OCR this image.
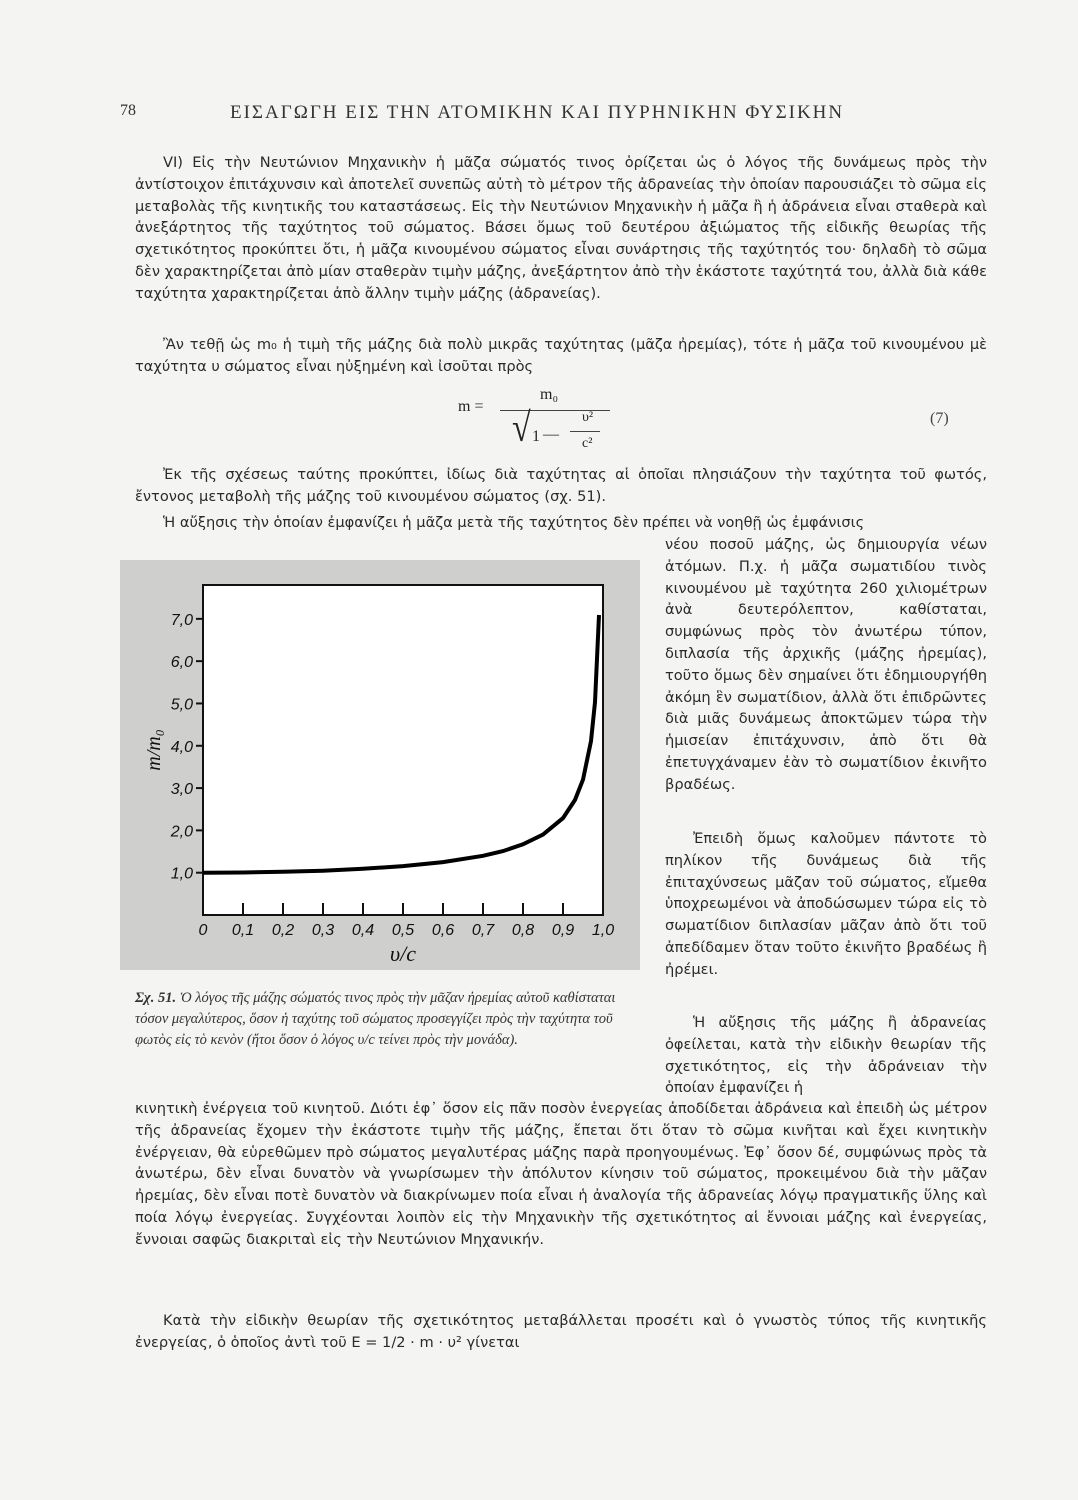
78	ΕΙΣΑΓΩΓΗ ΕΙΣ ΤΗΝ ΑΤΟΜΙΚΗΝ ΚΑΙ ΠΥΡΗΝΙΚΗΝ ΦΥΣΙΚΗΝ

VI) Εἰς τὴν Νευτώνιον Μηχανικὴν ἡ μᾶζα σώματός τινος ὁρίζεται ὡς ὁ λόγος τῆς δυνάμεως πρὸς τὴν ἀντίστοιχον ἐπιτάχυνσιν καὶ ἀποτελεῖ συνεπῶς αὐτὴ τὸ μέτρον τῆς ἀδρανείας τὴν ὁποίαν παρουσιάζει τὸ σῶμα εἰς μεταβολὰς τῆς κινητικῆς του καταστάσεως. Εἰς τὴν Νευτώνιον Μηχανικὴν ἡ μᾶζα ἢ ἡ ἀδράνεια εἶναι σταθερὰ καὶ ἀνεξάρτητος τῆς ταχύτητος τοῦ σώματος. Βάσει ὅμως τοῦ δευτέρου ἀξιώματος τῆς εἰδικῆς θεωρίας τῆς σχετικότητος προκύπτει ὅτι, ἡ μᾶζα κινουμένου σώματος εἶναι συνάρτησις τῆς ταχύτητός του· δηλαδὴ τὸ σῶμα δὲν χαρακτηρίζεται ἀπὸ μίαν σταθερὰν τιμὴν μάζης, ἀνεξάρτητον ἀπὸ τὴν ἑκάστοτε ταχύτητά του, ἀλλὰ διὰ κάθε ταχύτητα χαρακτηρίζεται ἀπὸ ἄλλην τιμὴν μάζης (ἀδρανείας).

Ἂν τεθῇ ὡς m₀ ἡ τιμὴ τῆς μάζης διὰ πολὺ μικρᾶς ταχύτητας (μᾶζα ἠρεμίας), τότε ἡ μᾶζα τοῦ κινουμένου μὲ ταχύτητα υ σώματος εἶναι ηὐξημένη καὶ ἰσοῦται πρὸς

m =
m₀
√ 1 —
υ²
c²
(7)

Ἐκ τῆς σχέσεως ταύτης προκύπτει, ἰδίως διὰ ταχύτητας αἱ ὁποῖαι πλησιάζουν τὴν ταχύτητα τοῦ φωτός, ἔντονος μεταβολὴ τῆς μάζης τοῦ κινουμένου σώματος (σχ. 51).

Ἡ αὔξησις τὴν ὁποίαν ἐμφανίζει ἡ μᾶζα μετὰ τῆς ταχύτητος δὲν πρέπει νὰ νοηθῇ ὡς ἐμφάνισις

νέου ποσοῦ μάζης, ὡς δημιουργία νέων ἀτόμων. Π.χ. ἡ μᾶζα σωματιδίου τινὸς κινουμένου μὲ ταχύτητα 260 χιλιομέτρων ἀνὰ δευτερόλεπτον, καθίσταται, συμφώνως πρὸς τὸν ἀνωτέρω τύπον, διπλασία τῆς ἀρχικῆς (μάζης ἠρεμίας), τοῦτο ὅμως δὲν σημαίνει ὅτι ἐδημιουργήθη ἀκόμη ἓν σωματίδιον, ἀλλὰ ὅτι ἐπιδρῶντες διὰ μιᾶς δυνάμεως ἀποκτῶμεν τώρα τὴν ἡμισείαν ἐπιτάχυνσιν, ἀπὸ ὅτι θὰ ἐπετυγχάναμεν ἐὰν τὸ σωματίδιον ἐκινῆτο βραδέως.

Ἐπειδὴ ὅμως καλοῦμεν πάντοτε τὸ πηλίκον τῆς δυνάμεως διὰ τῆς ἐπιταχύνσεως μᾶζαν τοῦ σώματος, εἴμεθα ὑποχρεωμένοι νὰ ἀποδώσωμεν τώρα εἰς τὸ σωματίδιον διπλασίαν μᾶζαν ἀπὸ ὅτι τοῦ ἀπεδίδαμεν ὅταν τοῦτο ἐκινῆτο βραδέως ἢ ἠρέμει.

Ἡ αὔξησις τῆς μάζης ἢ ἀδρανείας ὀφείλεται, κατὰ τὴν εἰδικὴν θεωρίαν τῆς σχετικότητος, εἰς τὴν ἀδράνειαν τὴν ὁποίαν ἐμφανίζει ἡ

κινητικὴ ἐνέργεια τοῦ κινητοῦ. Διότι ἐφ᾽ ὅσον εἰς πᾶν ποσὸν ἐνεργείας ἀποδίδεται ἀδράνεια καὶ ἐπειδὴ ὡς μέτρον τῆς ἀδρανείας ἔχομεν τὴν ἑκάστοτε τιμὴν τῆς μάζης, ἔπεται ὅτι ὅταν τὸ σῶμα κινῆται καὶ ἔχει κινητικὴν ἐνέργειαν, θὰ εὑρεθῶμεν πρὸ σώματος μεγαλυτέρας μάζης παρὰ προηγουμένως. Ἐφ᾽ ὅσον δέ, συμφώνως πρὸς τὰ ἀνωτέρω, δὲν εἶναι δυνατὸν νὰ γνωρίσωμεν τὴν ἀπόλυτον κίνησιν τοῦ σώματος, προκειμένου διὰ τὴν μᾶζαν ἠρεμίας, δὲν εἶναι ποτὲ δυνατὸν νὰ διακρίνωμεν ποία εἶναι ἡ ἀναλογία τῆς ἀδρανείας λόγῳ πραγματικῆς ὕλης καὶ ποία λόγῳ ἐνεργείας. Συγχέονται λοιπὸν εἰς τὴν Μηχανικὴν τῆς σχετικότητος αἱ ἔννοιαι μάζης καὶ ἐνεργείας, ἔννοιαι σαφῶς διακριταὶ εἰς τὴν Νευτώνιον Μηχανικήν.

Κατὰ τὴν εἰδικὴν θεωρίαν τῆς σχετικότητος μεταβάλλεται προσέτι καὶ ὁ γνωστὸς τύπος τῆς κινητικῆς ἐνεργείας, ὁ ὁποῖος ἀντὶ τοῦ E = 1/2 · m · υ² γίνεται

1,0
2,0
3,0
4,0
5,0
6,0
7,0
0 0,1 0,2 0,3 0,4 0,5 0,6 0,7 0,8 0,9 1,0
υ/c
m/m₀
Σχ. 51. Ὁ λόγος τῆς μάζης σώματός τινος πρὸς τὴν μᾶζαν ἠρεμίας αὐτοῦ καθίσταται τόσον μεγαλύτερος, ὅσον ἡ ταχύτης τοῦ σώματος προσεγγίζει πρὸς τὴν ταχύτητα τοῦ φωτὸς εἰς τὸ κενὸν (ἤτοι ὅσον ὁ λόγος υ/c τείνει πρὸς τὴν μονάδα).
